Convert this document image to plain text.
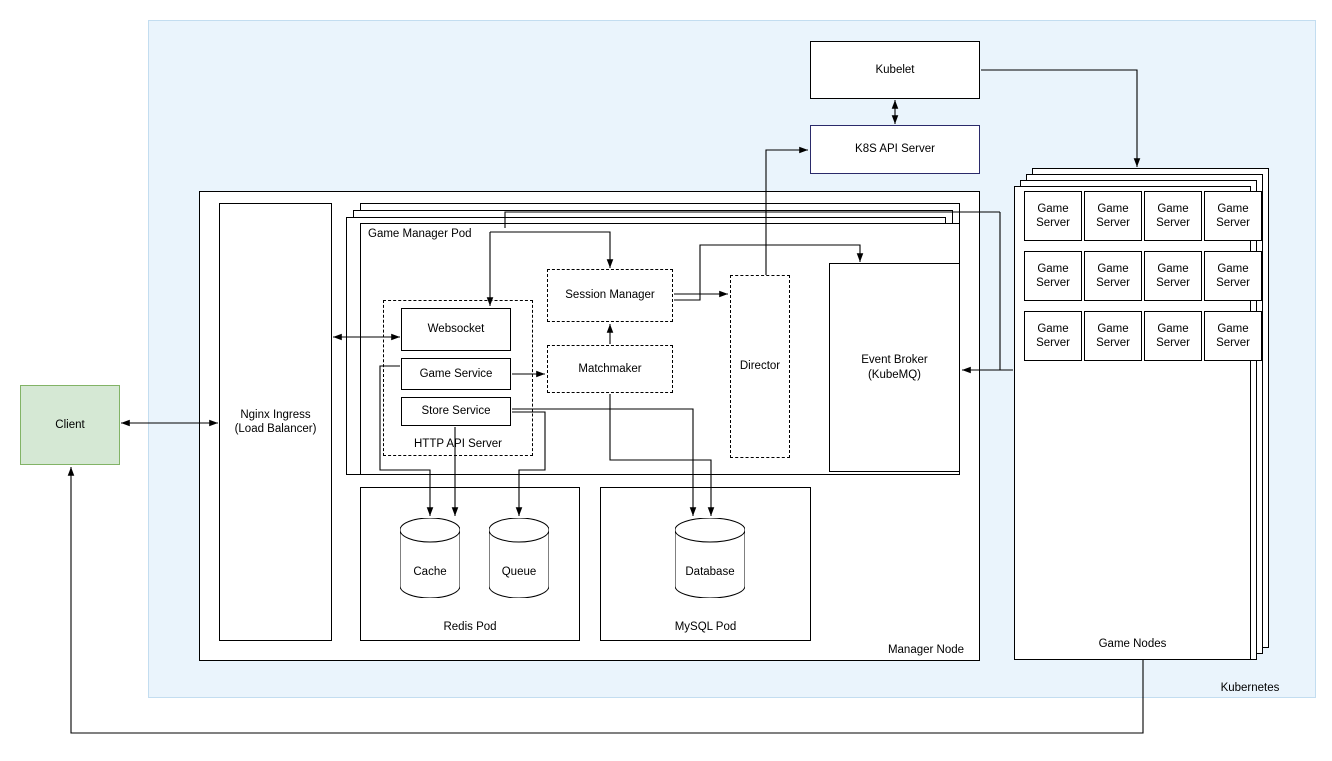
Kubernetes
Kubelet
K8S API Server
Manager Node
Nginx Ingress
(Load Balancer)
Game Manager Pod
HTTP API Server
Websocket
Game Service
Store Service
Session Manager
Matchmaker	Director
Event Broker
(KubeMQ)
Redis Pod	MySQL Pod
Cache	Queue	Database
Game Nodes
Game
Server
Game
Server
Game
Server
Game
Server
Game
Server
Game
Server
Game
Server
Game
Server
Game
Server
Game
Server
Game
Server
Game
Server
Client
